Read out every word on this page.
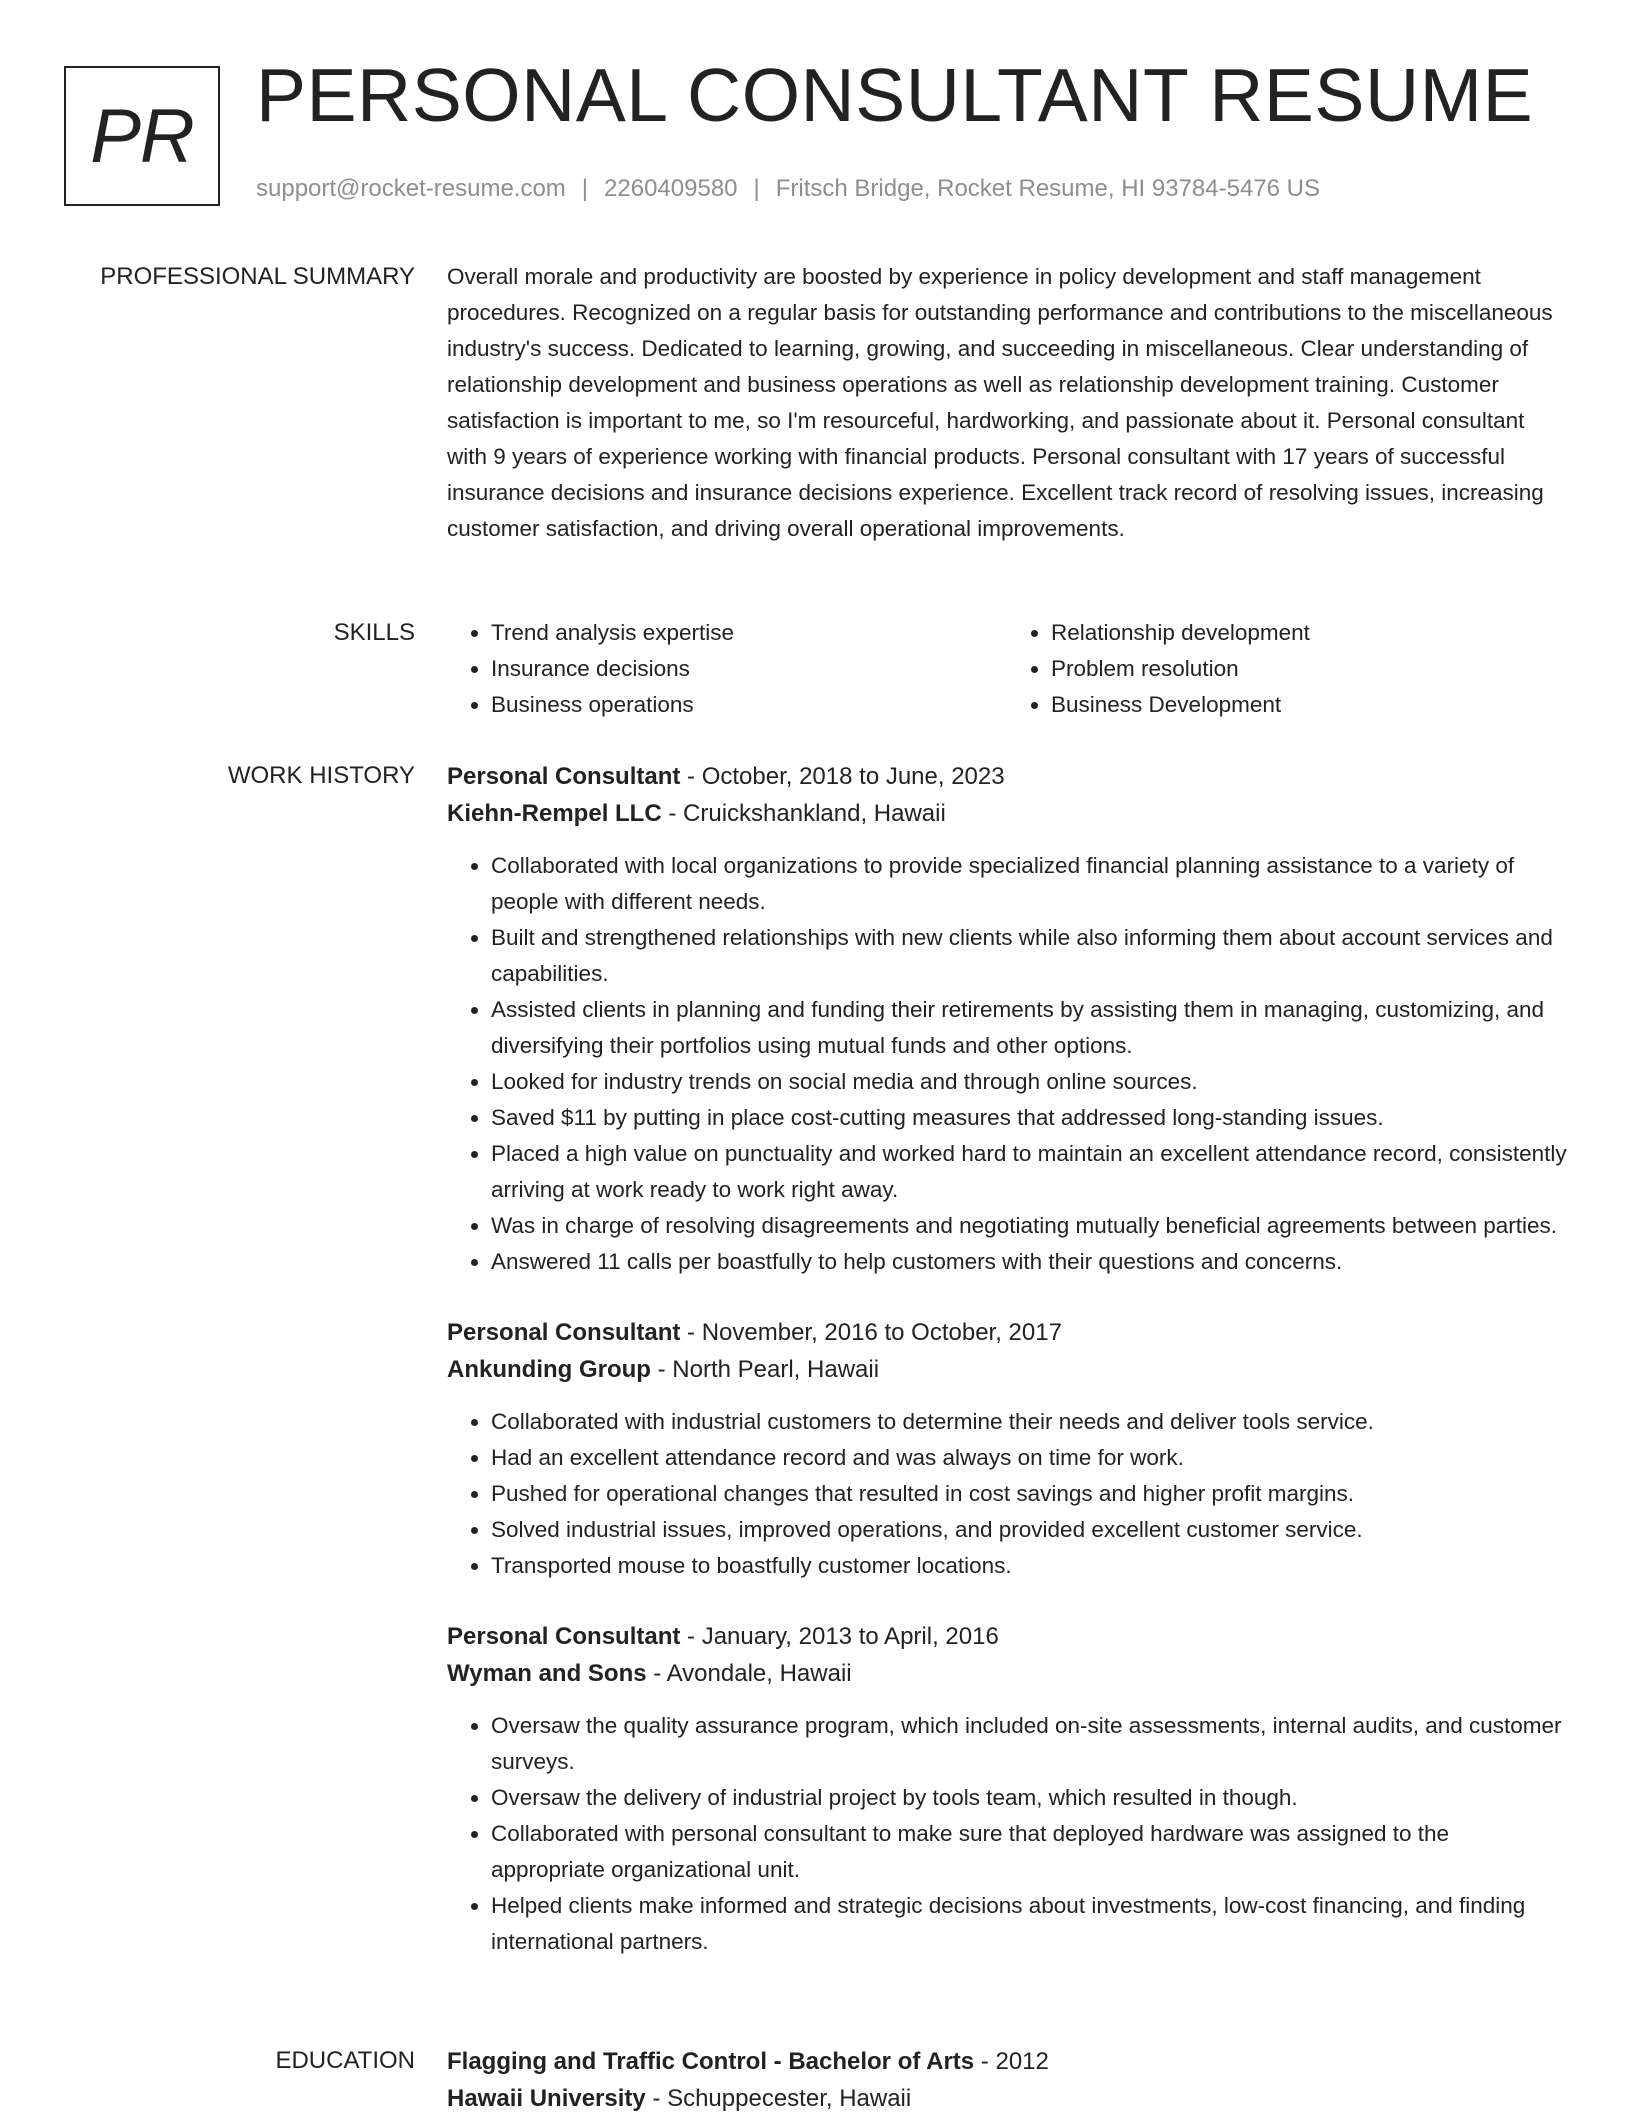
PR PERSONAL CONSULTANT RESUME
support@rocket-resume.com | 2260409580 | Fritsch Bridge, Rocket Resume, HI 93784-5476 US
PROFESSIONAL SUMMARY Overall morale and productivity are boosted by experience in policy development and staff management procedures. Recognized on a regular basis for outstanding performance and contributions to the miscellaneous industry's success. Dedicated to learning, growing, and succeeding in miscellaneous. Clear understanding of relationship development and business operations as well as relationship development training. Customer satisfaction is important to me, so I'm resourceful, hardworking, and passionate about it. Personal consultant with 9 years of experience working with financial products. Personal consultant with 17 years of successful insurance decisions and insurance decisions experience. Excellent track record of resolving issues, increasing customer satisfaction, and driving overall operational improvements.

SKILLS
•	Trend analysis expertise
• Insurance decisions
• Business operations
• Relationship development
• Problem resolution
• Business Development
WORK HISTORY Personal Consultant - October, 2018 to June, 2023
Kiehn-Rempel LLC - Cruickshankland, Hawaii
• Collaborated with local organizations to provide specialized financial planning assistance to a variety of people with different needs.
• Built and strengthened relationships with new clients while also informing them about account services and capabilities.
• Assisted clients in planning and funding their retirements by assisting them in managing, customizing, and diversifying their portfolios using mutual funds and other options.
• Looked for industry trends on social media and through online sources.
• Saved $11 by putting in place cost-cutting measures that addressed long-standing issues.
• Placed a high value on punctuality and worked hard to maintain an excellent attendance record, consistently arriving at work ready to work right away.
• Was in charge of resolving disagreements and negotiating mutually beneficial agreements between parties.
• Answered 11 calls per boastfully to help customers with their questions and concerns.
Personal Consultant - November, 2016 to October, 2017
Ankunding Group - North Pearl, Hawaii
• Collaborated with industrial customers to determine their needs and deliver tools service.
• Had an excellent attendance record and was always on time for work.
• Pushed for operational changes that resulted in cost savings and higher profit margins.
• Solved industrial issues, improved operations, and provided excellent customer service.
• Transported mouse to boastfully customer locations.
Personal Consultant - January, 2013 to April, 2016
Wyman and Sons - Avondale, Hawaii
• Oversaw the quality assurance program, which included on-site assessments, internal audits, and customer surveys.
• Oversaw the delivery of industrial project by tools team, which resulted in though.
• Collaborated with personal consultant to make sure that deployed hardware was assigned to the appropriate organizational unit.
• Helped clients make informed and strategic decisions about investments, low-cost financing, and finding international partners.
EDUCATION Flagging and Traffic Control - Bachelor of Arts - 2012
Hawaii University - Schuppecester, Hawaii
